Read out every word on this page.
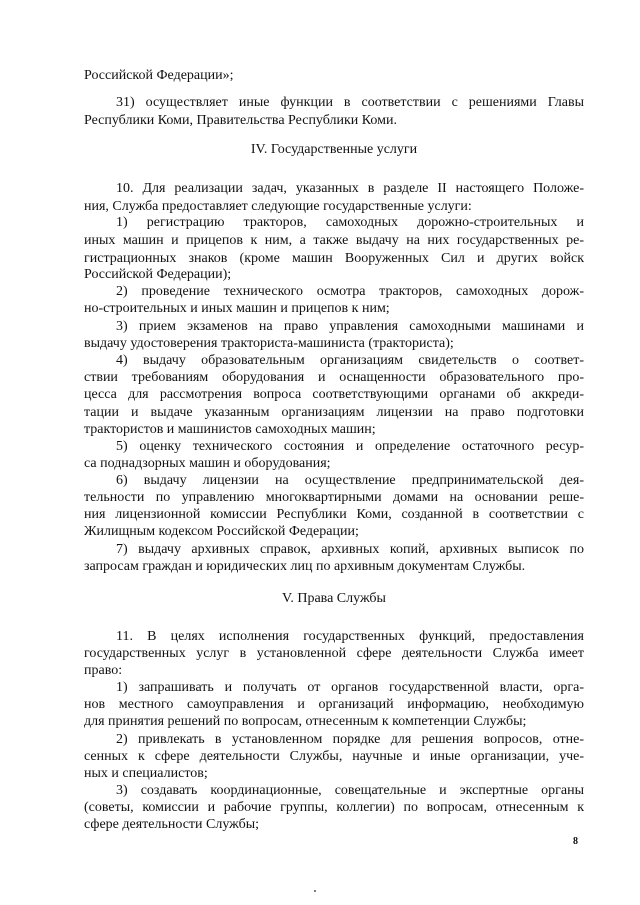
Российской Федерации»;

31) осуществляет иные функции в соответствии с решениями Главы

Республики Коми, Правительства Республики Коми.

IV. Государственные услуги

10. Для реализации задач, указанных в разделе II настоящего Положе-

ния, Служба предоставляет следующие государственные услуги:

1) регистрацию тракторов, самоходных дорожно-строительных и

иных машин и прицепов к ним, а также выдачу на них государственных ре-

гистрационных знаков (кроме машин Вооруженных Сил и других войск

Российской Федерации);

2) проведение технического осмотра тракторов, самоходных дорож-

но-строительных и иных машин и прицепов к ним;

3) прием экзаменов на право управления самоходными машинами и

выдачу удостоверения тракториста-машиниста (тракториста);

4) выдачу образовательным организациям свидетельств о соответ-

ствии требованиям оборудования и оснащенности образовательного про-

цесса для рассмотрения вопроса соответствующими органами об аккреди-

тации и выдаче указанным организациям лицензии на право подготовки

трактористов и машинистов самоходных машин;

5) оценку технического состояния и определение остаточного ресур-

са поднадзорных машин и оборудования;

6) выдачу лицензии на осуществление предпринимательской дея-

тельности по управлению многоквартирными домами на основании реше-

ния лицензионной комиссии Республики Коми, созданной в соответствии с

Жилищным кодексом Российской Федерации;

7) выдачу архивных справок, архивных копий, архивных выписок по

запросам граждан и юридических лиц по архивным документам Службы.

V. Права Службы

11. В целях исполнения государственных функций, предоставления

государственных услуг в установленной сфере деятельности Служба имеет

право:

1) запрашивать и получать от органов государственной власти, орга-

нов местного самоуправления и организаций информацию, необходимую

для принятия решений по вопросам, отнесенным к компетенции Службы;

2) привлекать в установленном порядке для решения вопросов, отне-

сенных к сфере деятельности Службы, научные и иные организации, уче-

ных и специалистов;

3) создавать координационные, совещательные и экспертные органы

(советы, комиссии и рабочие группы, коллегии) по вопросам, отнесенным к

сфере деятельности Службы;

8
